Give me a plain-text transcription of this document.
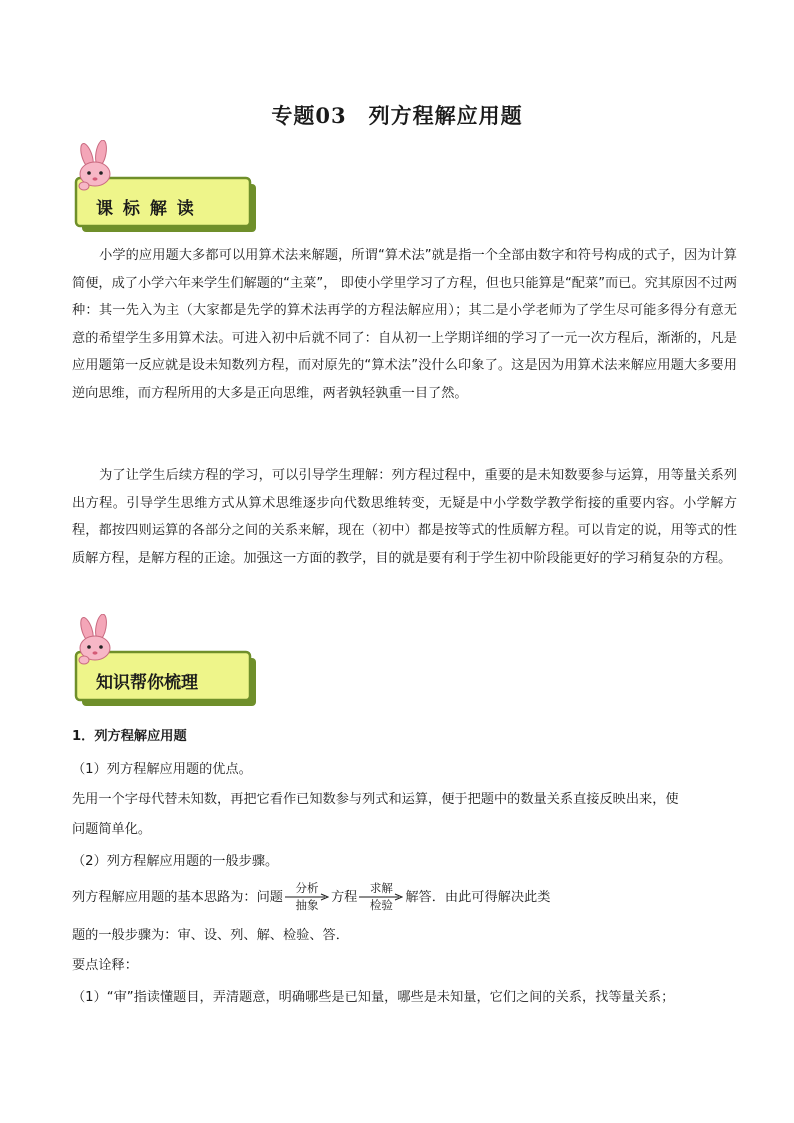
专题03　列方程解应用题
课 标 解 读

小学的应用题大多都可以用算术法来解题，所谓“算术法”就是指一个全部由数字和符号构成的式子，因为计算简便，成了小学六年来学生们解题的“主菜”， 即使小学里学习了方程，但也只能算是“配菜”而已。究其原因不过两种：其一先入为主（大家都是先学的算术法再学的方程法解应用）；其二是小学老师为了学生尽可能多得分有意无意的希望学生多用算术法。可进入初中后就不同了：自从初一上学期详细的学习了一元一次方程后，渐渐的，凡是应用题第一反应就是设未知数列方程，而对原先的“算术法”没什么印象了。这是因为用算术法来解应用题大多要用逆向思维，而方程所用的大多是正向思维，两者孰轻孰重一目了然。

为了让学生后续方程的学习，可以引导学生理解：列方程过程中，重要的是未知数要参与运算，用等量关系列出方程。引导学生思维方式从算术思维逐步向代数思维转变，无疑是中小学数学教学衔接的重要内容。小学解方程，都按四则运算的各部分之间的关系来解，现在（初中）都是按等式的性质解方程。可以肯定的说，用等式的性质解方程，是解方程的正途。加强这一方面的教学，目的就是要有利于学生初中阶段能更好的学习稍复杂的方程。

知识帮你梳理
1．列方程解应用题
（1）列方程解应用题的优点。
先用一个字母代替未知数，再把它看作已知数参与列式和运算，便于把题中的数量关系直接反映出来，使
问题简单化。
（2）列方程解应用题的一般步骤。
列方程解应用题的基本思路为：问题
分析
抽象 方程
求解
检验 解答．由此可得解决此类
题的一般步骤为：审、设、列、解、检验、答．
要点诠释：
（1）“审”指读懂题目，弄清题意，明确哪些是已知量，哪些是未知量，它们之间的关系，找等量关系；
